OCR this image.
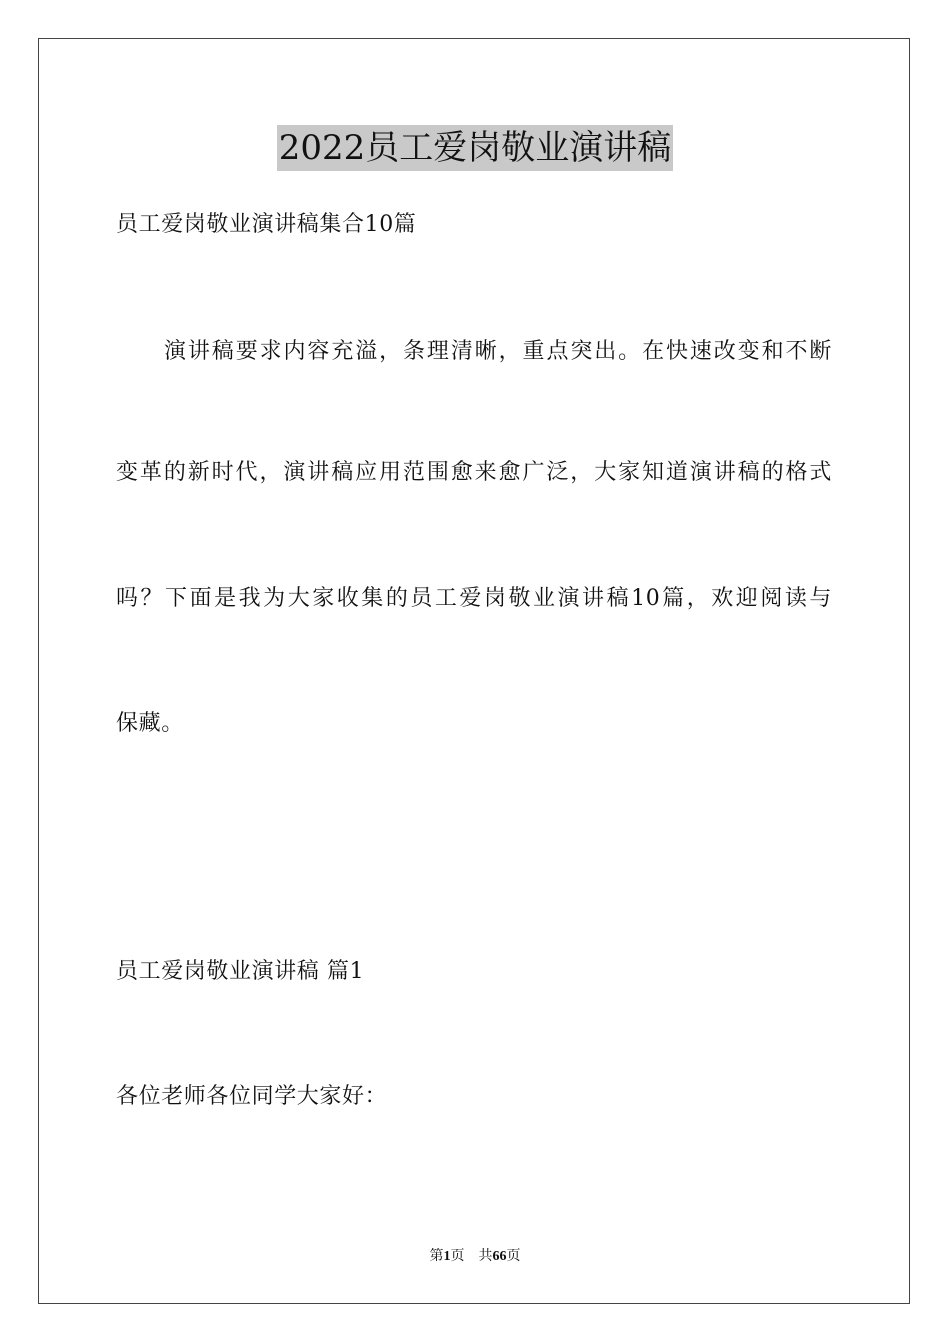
2022员工爱岗敬业演讲稿
员工爱岗敬业演讲稿集合10篇
演讲稿要求内容充溢，条理清晰，重点突出。在快速改变和不断
变革的新时代，演讲稿应用范围愈来愈广泛，大家知道演讲稿的格式
吗？下面是我为大家收集的员工爱岗敬业演讲稿10篇，欢迎阅读与
保藏。
员工爱岗敬业演讲稿 篇1
各位老师各位同学大家好：
第1页 共66页
